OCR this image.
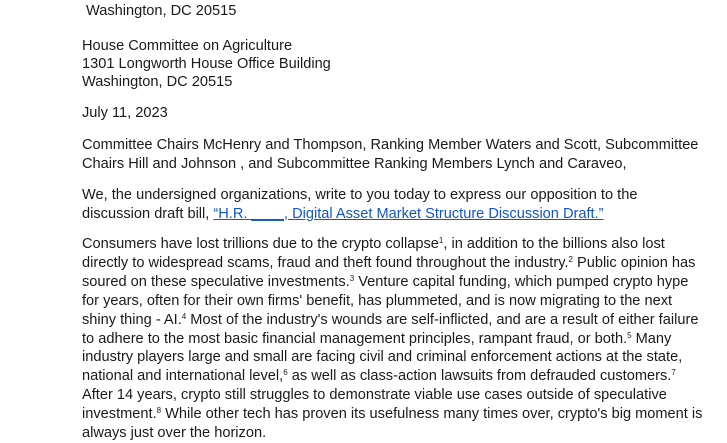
Washington, DC 20515
House Committee on Agriculture
1301 Longworth House Office Building
Washington, DC 20515
July 11, 2023
Committee Chairs McHenry and Thompson, Ranking Member Waters and Scott, Subcommittee
Chairs Hill and Johnson , and Subcommittee Ranking Members Lynch and Caraveo,
We, the undersigned organizations, write to you today to express our opposition to the
discussion draft bill, “H.R. ____, Digital Asset Market Structure Discussion Draft.”
Consumers have lost trillions due to the crypto collapse$^1$, in addition to the billions also lost
directly to widespread scams, fraud and theft found throughout the industry.$^2$ Public opinion has
soured on these speculative investments.$^3$ Venture capital funding, which pumped crypto hype
for years, often for their own firms' benefit, has plummeted, and is now migrating to the next
shiny thing - AI.$^4$ Most of the industry's wounds are self-inflicted, and are a result of either failure
to adhere to the most basic financial management principles, rampant fraud, or both.$^5$ Many
industry players large and small are facing civil and criminal enforcement actions at the state,
national and international level,$^6$ as well as class-action lawsuits from defrauded customers.$^7$
After 14 years, crypto still struggles to demonstrate viable use cases outside of speculative
investment.$^8$ While other tech has proven its usefulness many times over, crypto's big moment is
always just over the horizon.
